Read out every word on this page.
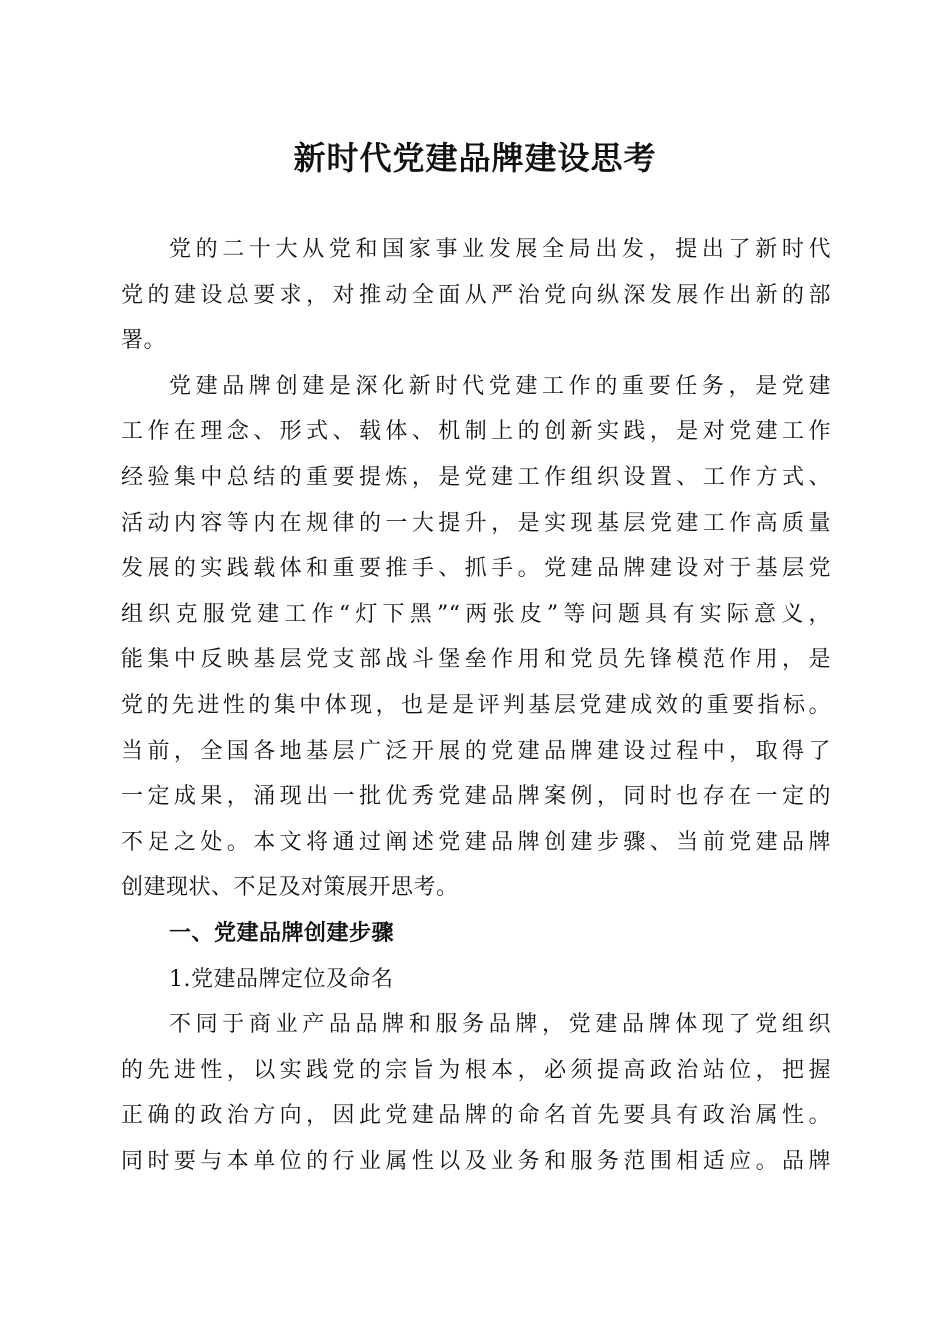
新时代党建品牌建设思考
党的二十大从党和国家事业发展全局出发，提出了新时代
党的建设总要求，对推动全面从严治党向纵深发展作出新的部
署。
党建品牌创建是深化新时代党建工作的重要任务，是党建
工作在理念、形式、载体、机制上的创新实践，是对党建工作
经验集中总结的重要提炼，是党建工作组织设置、工作方式、
活动内容等内在规律的一大提升，是实现基层党建工作高质量
发展的实践载体和重要推手、抓手。党建品牌建设对于基层党
组织克服党建工作“灯下黑”“两张皮”等问题具有实际意义，
能集中反映基层党支部战斗堡垒作用和党员先锋模范作用，是
党的先进性的集中体现，也是是评判基层党建成效的重要指标。
当前，全国各地基层广泛开展的党建品牌建设过程中，取得了
一定成果，涌现出一批优秀党建品牌案例，同时也存在一定的
不足之处。本文将通过阐述党建品牌创建步骤、当前党建品牌
创建现状、不足及对策展开思考。
一、党建品牌创建步骤
1.党建品牌定位及命名
不同于商业产品品牌和服务品牌，党建品牌体现了党组织
的先进性，以实践党的宗旨为根本，必须提高政治站位，把握
正确的政治方向，因此党建品牌的命名首先要具有政治属性。
同时要与本单位的行业属性以及业务和服务范围相适应。品牌
